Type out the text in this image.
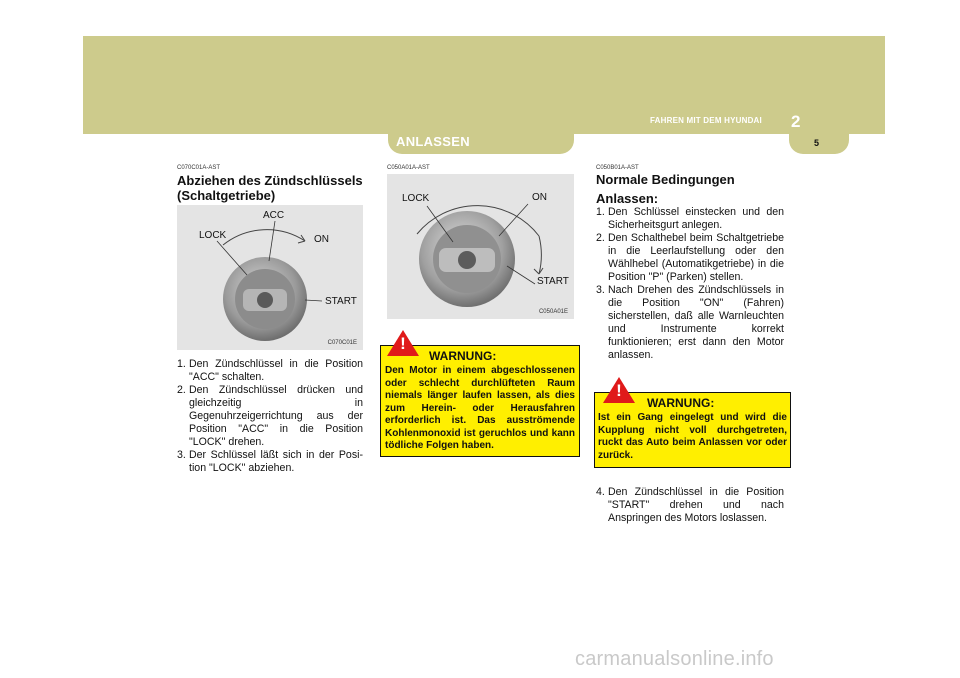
ANLASSEN
FAHREN MIT DEM HYUNDAI 2
5
C070C01A-AST
Abziehen des Zündschlüssels (Schaltgetriebe)
ACC
LOCK	ON
START
C070C01E
1. Den Zündschlüssel in die Position "ACC" schalten.
2. Den Zündschlüssel drücken und gleichzeitig in Gegenuhrzeigerrichtung aus der Position "ACC" in die Position "LOCK" drehen.
3. Der Schlüssel läßt sich in der Posi-tion "LOCK" abziehen.
C050A01A-AST
LOCK	ON
START
C050A01E
!
WARNUNG:
Den Motor in einem abgeschlossenen oder schlecht durchlüfteten Raum niemals länger laufen lassen, als dies zum Herein- oder Herausfahren erforderlich ist. Das ausströmende Kohlenmonoxid ist geruchlos und kann tödliche Folgen haben.
C050B01A-AST
Normale Bedingungen
Anlassen:
1. Den Schlüssel einstecken und den Sicherheitsgurt anlegen.
2. Den Schalthebel beim Schaltgetriebe in die Leerlaufstellung oder den Wählhebel (Automatikgetriebe) in die Position "P" (Parken) stellen.
3. Nach Drehen des Zündschlüssels in die Position "ON" (Fahren) sicherstellen, daß alle Warnleuchten und Instrumente korrekt funktionieren; erst dann den Motor anlassen.
!
WARNUNG:
Ist ein Gang eingelegt und wird die Kupplung nicht voll durchgetreten, ruckt das Auto beim Anlassen vor oder zurück.
4. Den Zündschlüssel in die Position "START" drehen und nach Anspringen des Motors loslassen.
carmanualsonline.info
